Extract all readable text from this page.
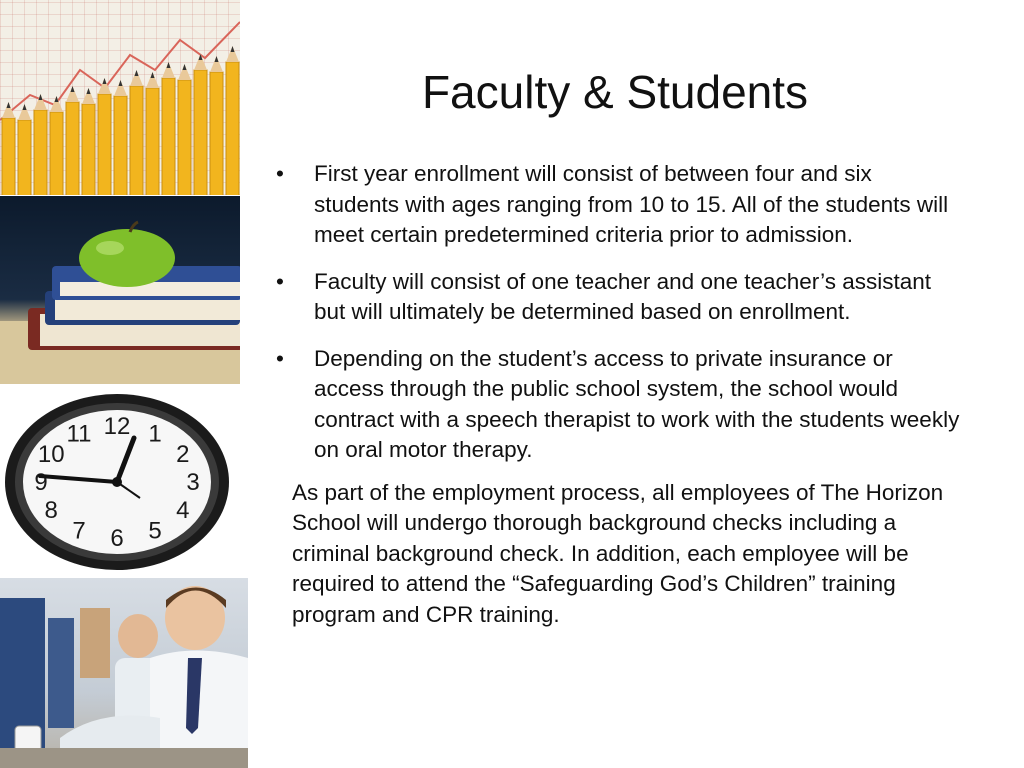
12 1
2
3
4
5
6
7
8
9
10
11
Faculty & Students
• First year enrollment will consist of between four and six students with ages ranging from 10 to 15. All of the students will meet certain predetermined criteria prior to admission.
• Faculty will consist of one teacher and one teacher’s assistant but will ultimately be determined based on enrollment.
• Depending on the student’s access to private insurance or access through the public school system, the school would contract with a speech therapist to work with the students weekly on oral motor therapy.

As part of the employment process, all employees of The Horizon School will undergo thorough background checks including a criminal background check. In addition, each employee will be required to attend the “Safeguarding God’s Children” training program and CPR training.
